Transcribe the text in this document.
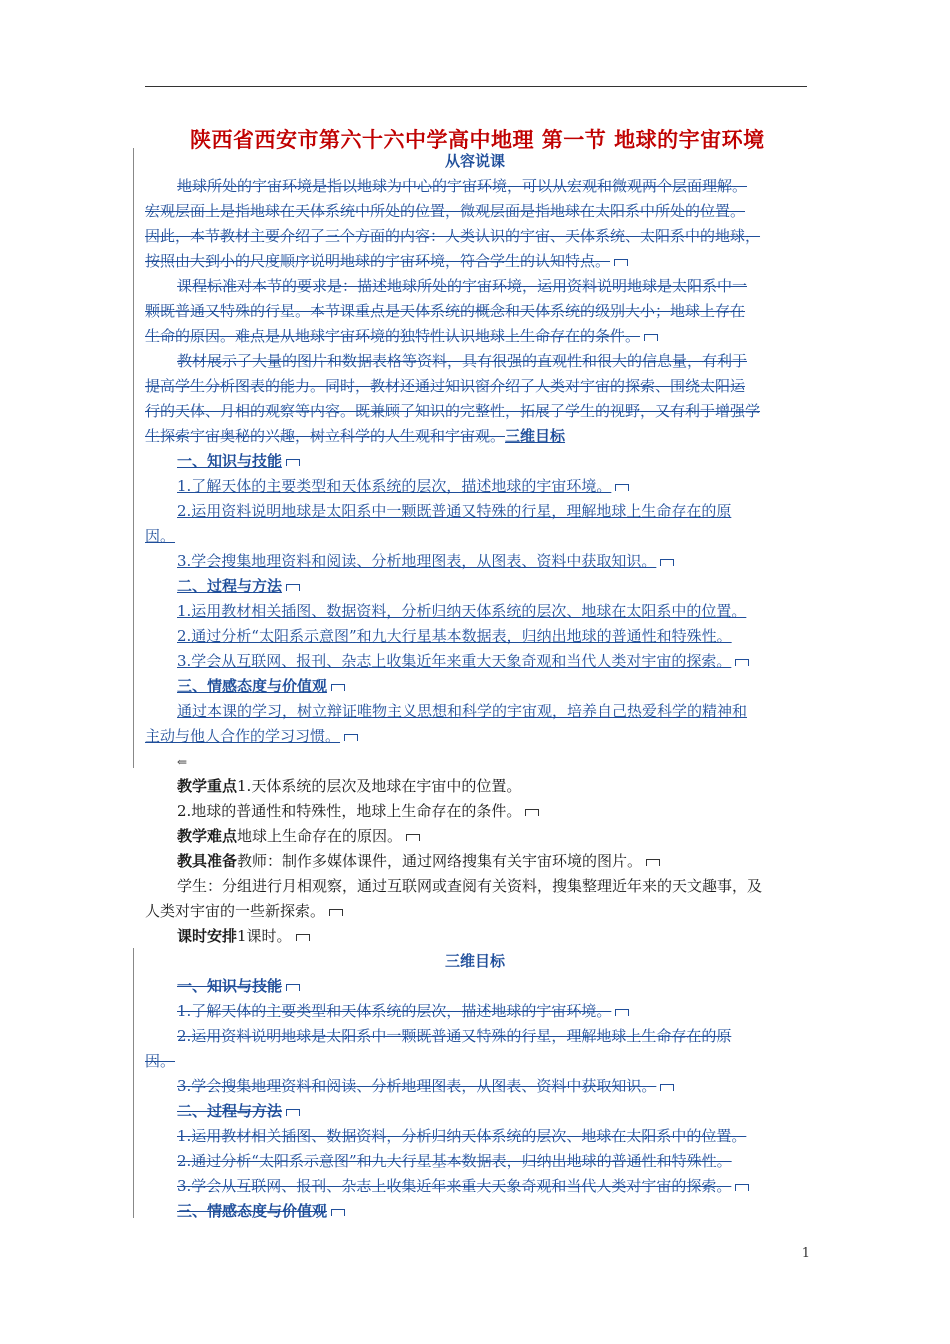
陕西省西安市第六十六中学高中地理 第一节 地球的宇宙环境
从容说课
地球所处的宇宙环境是指以地球为中心的宇宙环境，可以从宏观和微观两个层面理解。
宏观层面上是指地球在天体系统中所处的位置，微观层面是指地球在太阳系中所处的位置。
因此，本节教材主要介绍了三个方面的内容：人类认识的宇宙、天体系统、太阳系中的地球，
按照由大到小的尺度顺序说明地球的宇宙环境，符合学生的认知特点。
课程标准对本节的要求是：描述地球所处的宇宙环境，运用资料说明地球是太阳系中一
颗既普通又特殊的行星。本节课重点是天体系统的概念和天体系统的级别大小；地球上存在
生命的原因。难点是从地球宇宙环境的独特性认识地球上生命存在的条件。
教材展示了大量的图片和数据表格等资料，具有很强的直观性和很大的信息量，有利于
提高学生分析图表的能力。同时，教材还通过知识窗介绍了人类对宇宙的探索、围绕太阳运
行的天体、月相的观察等内容。既兼顾了知识的完整性，拓展了学生的视野，又有利于增强学
生探索宇宙奥秘的兴趣，树立科学的人生观和宇宙观。三维目标
一、知识与技能
1.了解天体的主要类型和天体系统的层次，描述地球的宇宙环境。
2.运用资料说明地球是太阳系中一颗既普通又特殊的行星，理解地球上生命存在的原
因。
3.学会搜集地理资料和阅读、分析地理图表，从图表、资料中获取知识。
二、过程与方法
1.运用教材相关插图、数据资料，分析归纳天体系统的层次、地球在太阳系中的位置。
2.通过分析“太阳系示意图”和九大行星基本数据表，归纳出地球的普通性和特殊性。
3.学会从互联网、报刊、杂志上收集近年来重大天象奇观和当代人类对宇宙的探索。
三、情感态度与价值观
通过本课的学习，树立辩证唯物主义思想和科学的宇宙观，培养自己热爱科学的精神和
主动与他人合作的学习习惯。
⇐
教学重点1.天体系统的层次及地球在宇宙中的位置。
2.地球的普通性和特殊性，地球上生命存在的条件。
教学难点地球上生命存在的原因。
教具准备教师：制作多媒体课件，通过网络搜集有关宇宙环境的图片。
学生：分组进行月相观察，通过互联网或查阅有关资料，搜集整理近年来的天文趣事，及
人类对宇宙的一些新探索。
课时安排1课时。
三维目标
一、知识与技能
1.了解天体的主要类型和天体系统的层次，描述地球的宇宙环境。
2.运用资料说明地球是太阳系中一颗既普通又特殊的行星，理解地球上生命存在的原
因。
3.学会搜集地理资料和阅读、分析地理图表，从图表、资料中获取知识。
二、过程与方法
1.运用教材相关插图、数据资料，分析归纳天体系统的层次、地球在太阳系中的位置。
2.通过分析“太阳系示意图”和九大行星基本数据表，归纳出地球的普通性和特殊性。
3.学会从互联网、报刊、杂志上收集近年来重大天象奇观和当代人类对宇宙的探索。
三、情感态度与价值观
1
